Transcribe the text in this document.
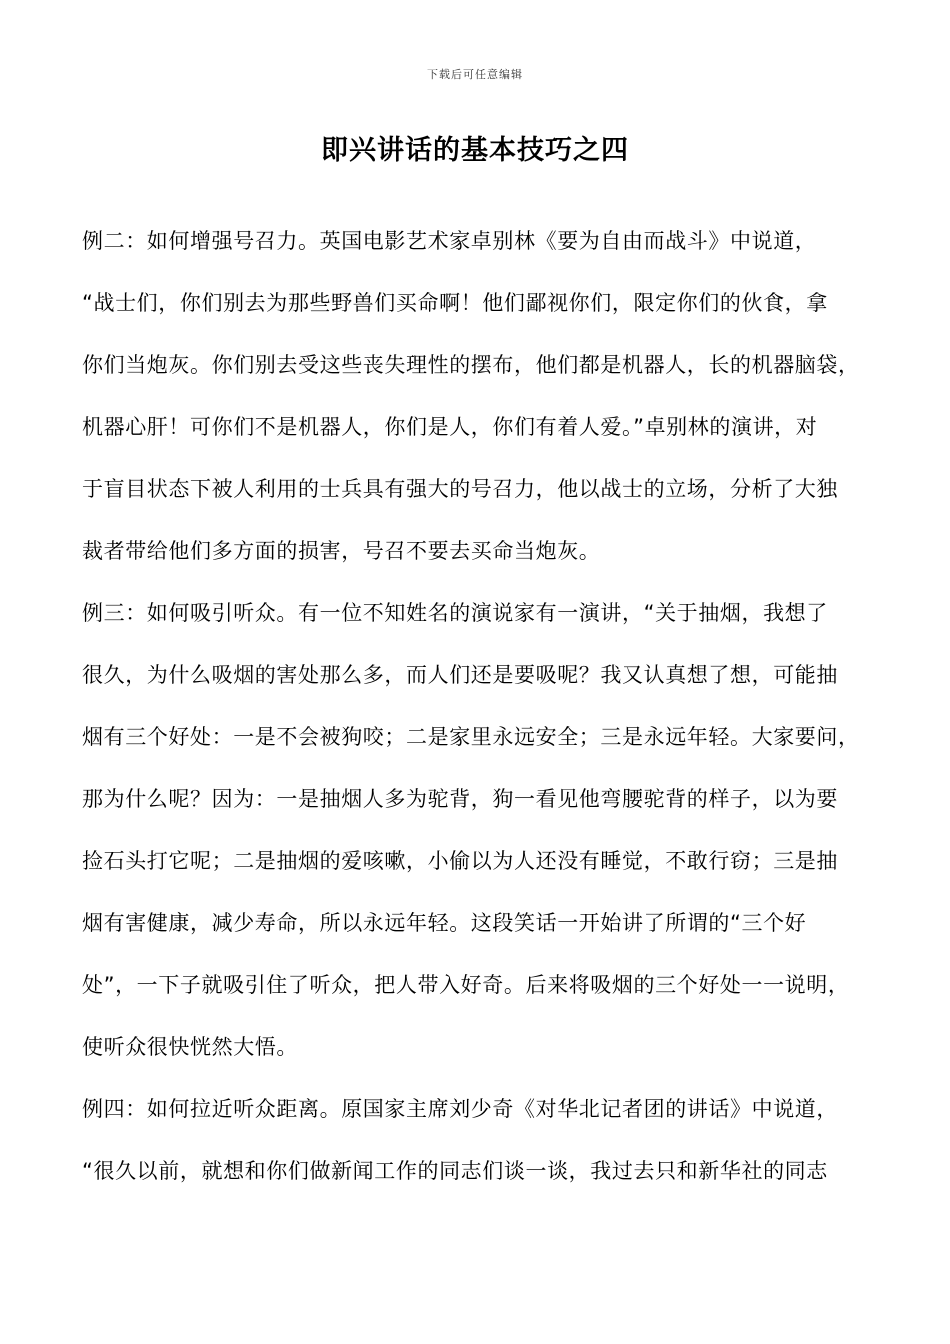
下载后可任意编辑
即兴讲话的基本技巧之四
例二：如何增强号召力。英国电影艺术家卓别林《要为自由而战斗》中说道，
“战士们，你们别去为那些野兽们买命啊！他们鄙视你们，限定你们的伙食，拿
你们当炮灰。你们别去受这些丧失理性的摆布，他们都是机器人，长的机器脑袋，
机器心肝！可你们不是机器人，你们是人，你们有着人爱。”卓别林的演讲，对
于盲目状态下被人利用的士兵具有强大的号召力，他以战士的立场，分析了大独
裁者带给他们多方面的损害，号召不要去买命当炮灰。
例三：如何吸引听众。有一位不知姓名的演说家有一演讲，“关于抽烟，我想了
很久，为什么吸烟的害处那么多，而人们还是要吸呢？我又认真想了想，可能抽
烟有三个好处：一是不会被狗咬；二是家里永远安全；三是永远年轻。大家要问，
那为什么呢？因为：一是抽烟人多为驼背，狗一看见他弯腰驼背的样子，以为要
捡石头打它呢；二是抽烟的爱咳嗽，小偷以为人还没有睡觉，不敢行窃；三是抽
烟有害健康，减少寿命，所以永远年轻。这段笑话一开始讲了所谓的“三个好
处”，一下子就吸引住了听众，把人带入好奇。后来将吸烟的三个好处一一说明，
使听众很快恍然大悟。
例四：如何拉近听众距离。原国家主席刘少奇《对华北记者团的讲话》中说道，
“很久以前，就想和你们做新闻工作的同志们谈一谈，我过去只和新华社的同志
